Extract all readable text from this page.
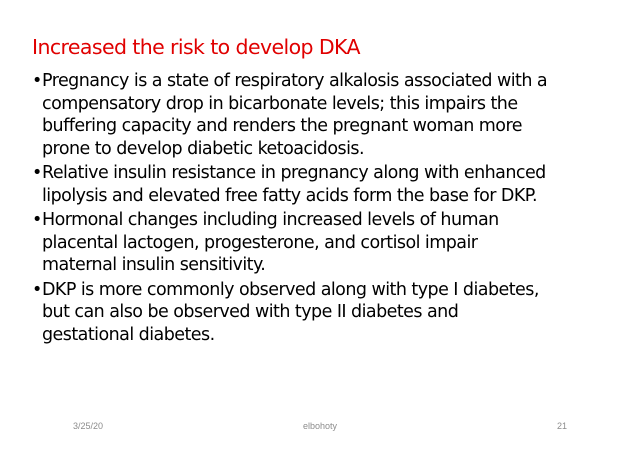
Increased the risk to develop DKA
• Pregnancy is a state of respiratory alkalosis associated with a
compensatory drop in bicarbonate levels; this impairs the
buffering capacity and renders the pregnant woman more
prone to develop diabetic ketoacidosis.
• Relative insulin resistance in pregnancy along with enhanced
lipolysis and elevated free fatty acids form the base for DKP.
• Hormonal changes including increased levels of human
placental lactogen, progesterone, and cortisol impair
maternal insulin sensitivity.
• DKP is more commonly observed along with type I diabetes,
but can also be observed with type II diabetes and
gestational diabetes.
3/25/20	elbohoty	21
